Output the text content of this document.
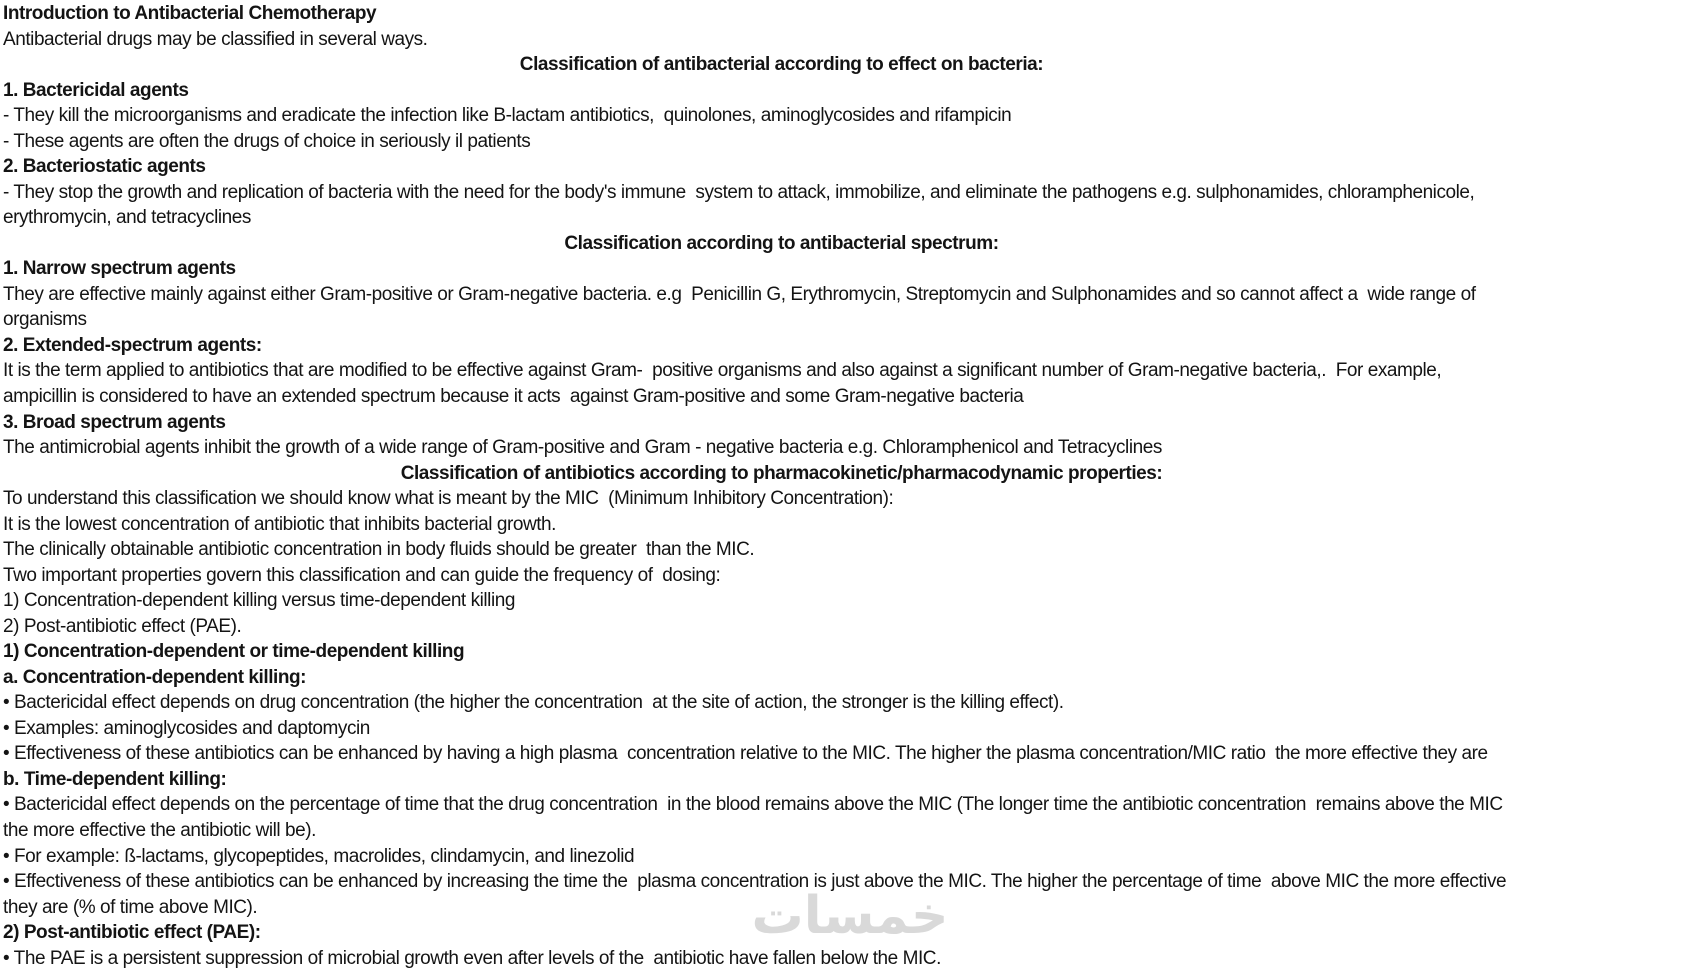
خمسات
Introduction to Antibacterial Chemotherapy
Antibacterial drugs may be classified in several ways.
Classification of antibacterial according to effect on bacteria:
1. Bactericidal agents
- They kill the microorganisms and eradicate the infection like B-lactam antibiotics,  quinolones, aminoglycosides and rifampicin
- These agents are often the drugs of choice in seriously il patients
2. Bacteriostatic agents
- They stop the growth and replication of bacteria with the need for the body's immune  system to attack, immobilize, and eliminate the pathogens e.g. sulphonamides, chloramphenicole,
erythromycin, and tetracyclines
Classification according to antibacterial spectrum:
1. Narrow spectrum agents
They are effective mainly against either Gram-positive or Gram-negative bacteria. e.g  Penicillin G, Erythromycin, Streptomycin and Sulphonamides and so cannot affect a  wide range of
organisms
2. Extended-spectrum agents:
It is the term applied to antibiotics that are modified to be effective against Gram-  positive organisms and also against a significant number of Gram-negative bacteria,.  For example,
ampicillin is considered to have an extended spectrum because it acts  against Gram-positive and some Gram-negative bacteria
3. Broad spectrum agents
The antimicrobial agents inhibit the growth of a wide range of Gram-positive and Gram - negative bacteria e.g. Chloramphenicol and Tetracyclines
Classification of antibiotics according to pharmacokinetic/pharmacodynamic properties:
To understand this classification we should know what is meant by the MIC  (Minimum Inhibitory Concentration):
It is the lowest concentration of antibiotic that inhibits bacterial growth.
The clinically obtainable antibiotic concentration in body fluids should be greater  than the MIC.
Two important properties govern this classification and can guide the frequency of  dosing:
1) Concentration-dependent killing versus time-dependent killing
2) Post-antibiotic effect (PAE).
1) Concentration-dependent or time-dependent killing
a. Concentration-dependent killing:
• Bactericidal effect depends on drug concentration (the higher the concentration  at the site of action, the stronger is the killing effect).
• Examples: aminoglycosides and daptomycin
• Effectiveness of these antibiotics can be enhanced by having a high plasma  concentration relative to the MIC. The higher the plasma concentration/MIC ratio  the more effective they are
b. Time-dependent killing:
• Bactericidal effect depends on the percentage of time that the drug concentration  in the blood remains above the MIC (The longer time the antibiotic concentration  remains above the MIC
the more effective the antibiotic will be).
• For example: ß-lactams, glycopeptides, macrolides, clindamycin, and linezolid
• Effectiveness of these antibiotics can be enhanced by increasing the time the  plasma concentration is just above the MIC. The higher the percentage of time  above MIC the more effective
they are (% of time above MIC).
2) Post-antibiotic effect (PAE):
• The PAE is a persistent suppression of microbial growth even after levels of the  antibiotic have fallen below the MIC.
